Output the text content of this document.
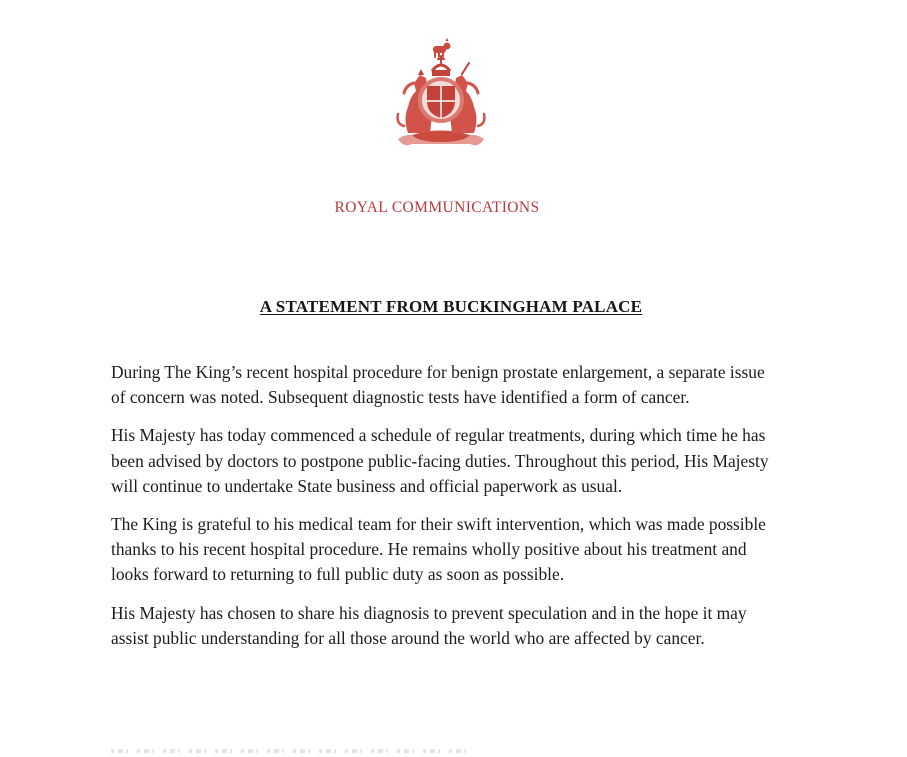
ROYAL COMMUNICATIONS
A STATEMENT FROM BUCKINGHAM PALACE

During The King’s recent hospital procedure for benign prostate enlargement, a separate issue of concern was noted. Subsequent diagnostic tests have identified a form of cancer.

His Majesty has today commenced a schedule of regular treatments, during which time he has been advised by doctors to postpone public-facing duties. Throughout this period, His Majesty will continue to undertake State business and official paperwork as usual.

The King is grateful to his medical team for their swift intervention, which was made possible thanks to his recent hospital procedure. He remains wholly positive about his treatment and looks forward to returning to full public duty as soon as possible.

His Majesty has chosen to share his diagnosis to prevent speculation and in the hope it may assist public understanding for all those around the world who are affected by cancer.
